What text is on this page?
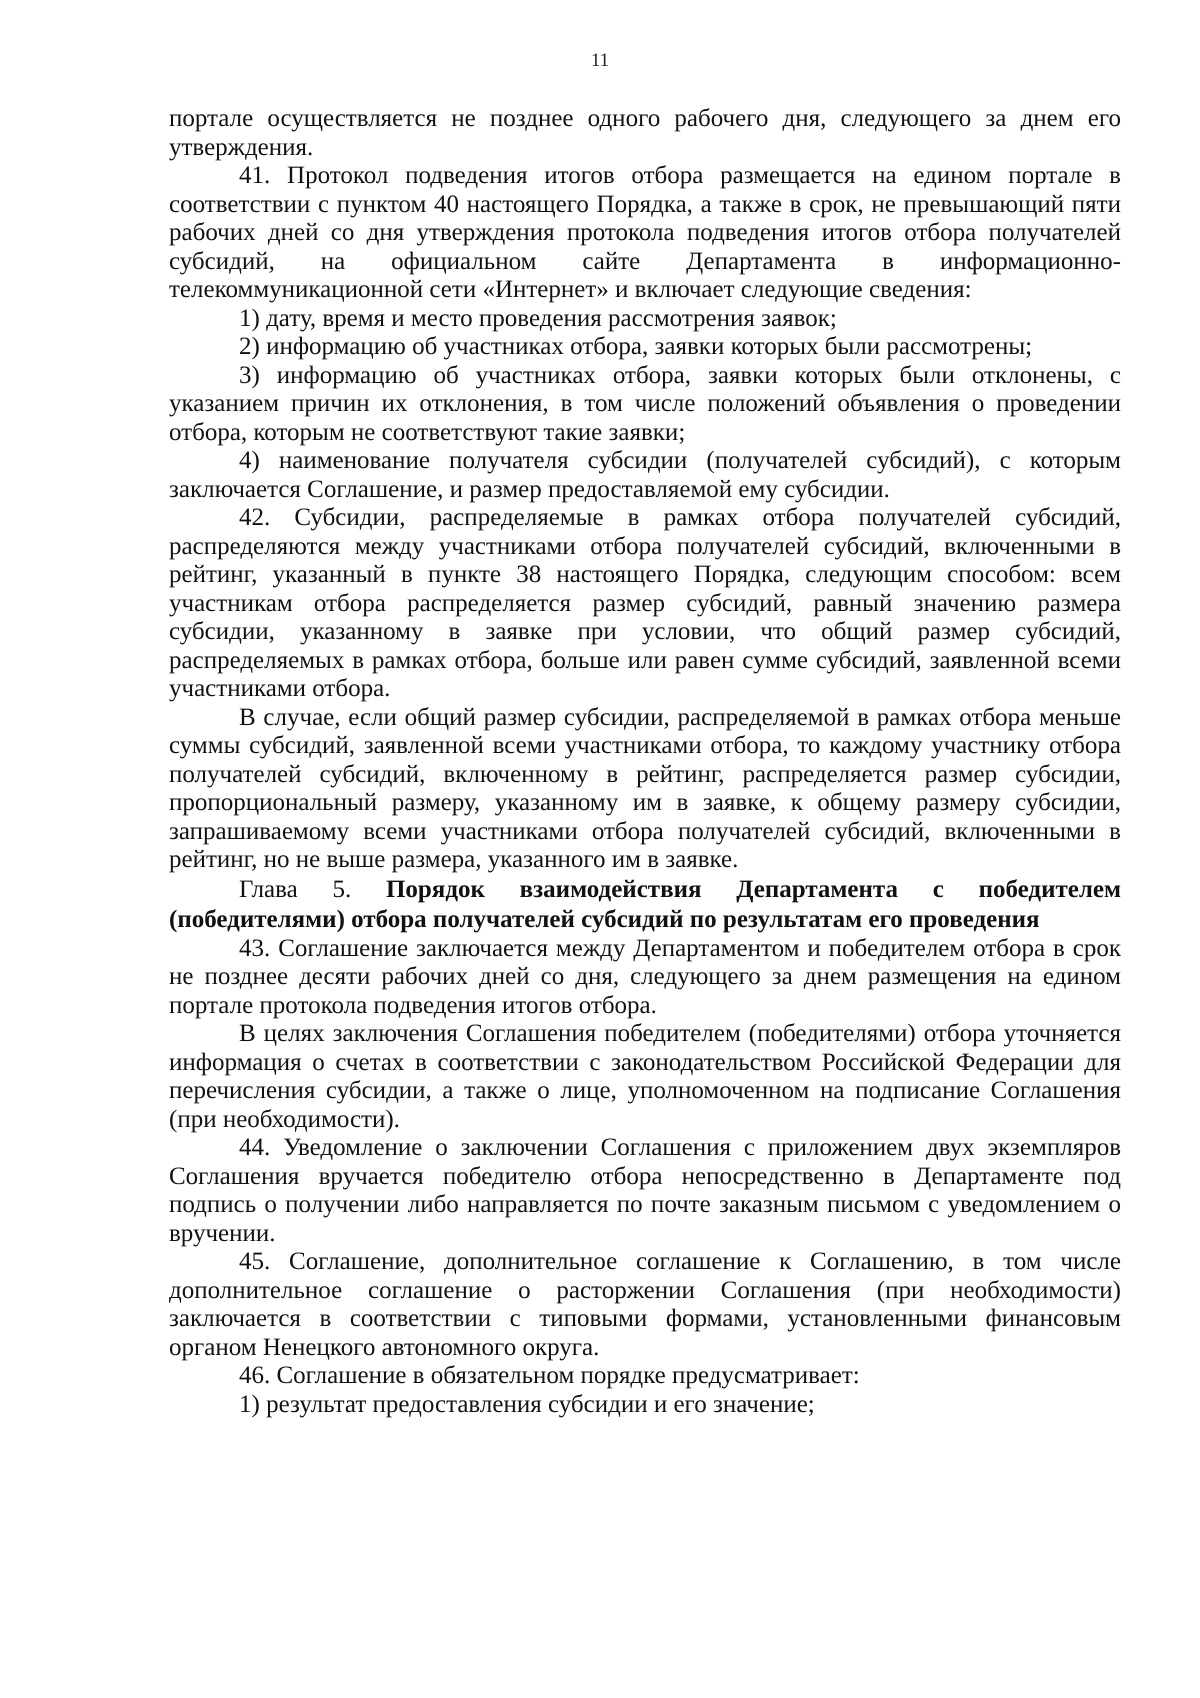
11

порталe осуществляется не позднее одного рабочего дня, следующего за днем его утверждения.

41. Протокол подведения итогов отбора размещается на едином портале в соответствии с пунктом 40 настоящего Порядка, а также в срок, не превышающий пяти рабочих дней со дня утверждения протокола подведения итогов отбора получателей субсидий, на официальном сайте Департамента в информационно-телекоммуникационной сети «Интернет» и включает следующие сведения:

1) дату, время и место проведения рассмотрения заявок;

2) информацию об участниках отбора, заявки которых были рассмотрены;

3) информацию об участниках отбора, заявки которых были отклонены, с указанием причин их отклонения, в том числе положений объявления о проведении отбора, которым не соответствуют такие заявки;

4) наименование получателя субсидии (получателей субсидий), с которым заключается Соглашение, и размер предоставляемой ему субсидии.

42. Субсидии, распределяемые в рамках отбора получателей субсидий, распределяются между участниками отбора получателей субсидий, включенными в рейтинг, указанный в пункте 38 настоящего Порядка, следующим способом: всем участникам отбора распределяется размер субсидий, равный значению размера субсидии, указанному в заявке при условии, что общий размер субсидий, распределяемых в рамках отбора, больше или равен сумме субсидий, заявленной всеми участниками отбора.

В случае, если общий размер субсидии, распределяемой в рамках отбора меньше суммы субсидий, заявленной всеми участниками отбора, то каждому участнику отбора получателей субсидий, включенному в рейтинг, распределяется размер субсидии, пропорциональный размеру, указанному им в заявке, к общему размеру субсидии, запрашиваемому всеми участниками отбора получателей субсидий, включенными в рейтинг, но не выше размера, указанного им в заявке.

Глава 5. Порядок взаимодействия Департамента с победителем (победителями) отбора получателей субсидий по результатам его проведения

43. Соглашение заключается между Департаментом и победителем отбора в срок не позднее десяти рабочих дней со дня, следующего за днем размещения на едином портале протокола подведения итогов отбора.

В целях заключения Соглашения победителем (победителями) отбора уточняется информация о счетах в соответствии с законодательством Российской Федерации для перечисления субсидии, а также о лице, уполномоченном на подписание Соглашения (при необходимости).

44. Уведомление о заключении Соглашения с приложением двух экземпляров Соглашения вручается победителю отбора непосредственно в Департаменте под подпись о получении либо направляется по почте заказным письмом с уведомлением о вручении.

45. Соглашение, дополнительное соглашение к Соглашению, в том числе дополнительное соглашение о расторжении Соглашения (при необходимости) заключается в соответствии с типовыми формами, установленными финансовым органом Ненецкого автономного округа.

46. Соглашение в обязательном порядке предусматривает:

1) результат предоставления субсидии и его значение;
